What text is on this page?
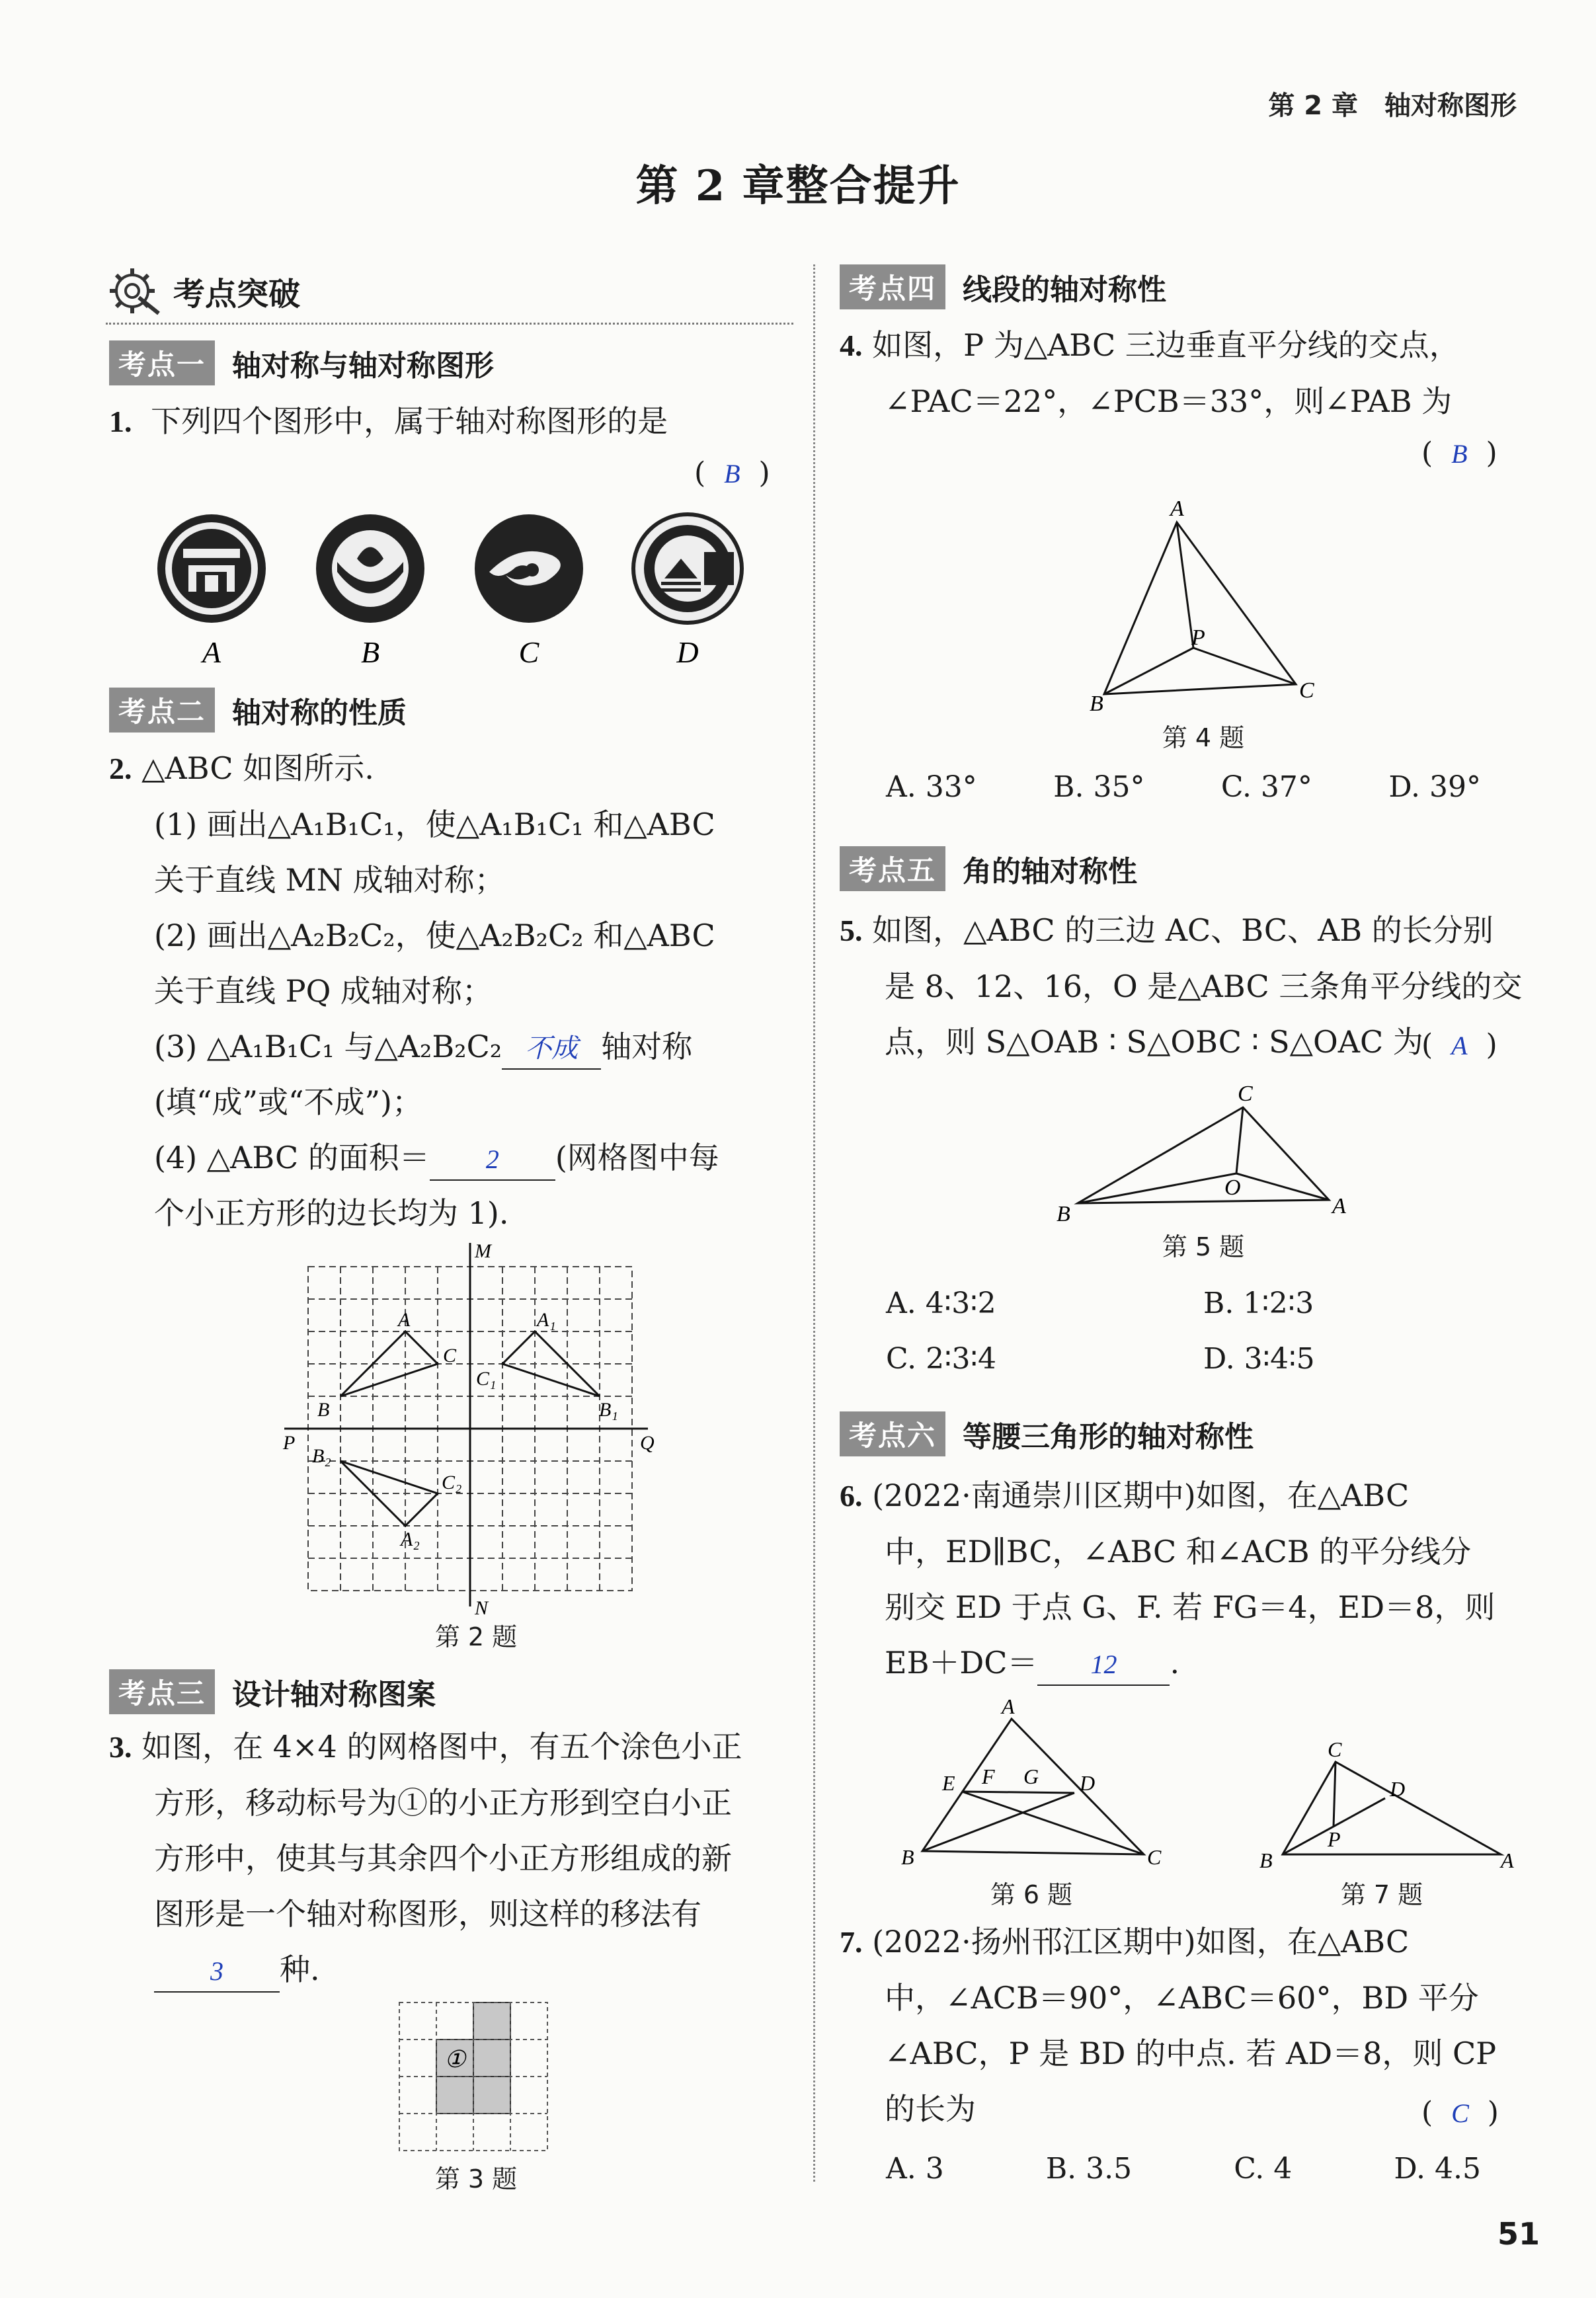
第 2 章 轴对称图形
第 2 章整合提升
考点突破
考点一 轴对称与轴对称图形
1. 下列四个图形中，属于轴对称图形的是
(  B  )
A	B	C	D
考点二 轴对称的性质
2. △ABC 如图所示.
(1) 画出△A₁B₁C₁，使△A₁B₁C₁ 和△ABC
关于直线 MN 成轴对称；
(2) 画出△A₂B₂C₂，使△A₂B₂C₂ 和△ABC
关于直线 PQ 成轴对称；
(3) △A₁B₁C₁ 与△A₂B₂C₂ 不成 轴对称
(填“成”或“不成”)；
(4) △ABC 的面积＝ 2 (网格图中每
个小正方形的边长均为 1).
M
N
P	Q
A
B
C
A₁
B₁
C₁
A₂
B₂
C₂
第 2 题
考点三 设计轴对称图案
3. 如图，在 4×4 的网格图中，有五个涂色小正
方形，移动标号为①的小正方形到空白小正
方形中，使其与其余四个小正方形组成的新
图形是一个轴对称图形，则这样的移法有
3 种.
①
第 3 题
考点四 线段的轴对称性
4. 如图，P 为△ABC 三边垂直平分线的交点，
∠PAC＝22°，∠PCB＝33°，则∠PAB 为
(  B  )
A
B
C
P
第 4 题
A. 33°	B. 35°	C. 37°	D. 39°
考点五 角的轴对称性
5. 如图，△ABC 的三边 AC、BC、AB 的长分别
是 8、12、16，O 是△ABC 三条角平分线的交
点，则 S△OAB ∶ S△OBC ∶ S△OAC 为
(  A  )
C
B	A
O
第 5 题
A. 4∶3∶2	B. 1∶2∶3
C. 2∶3∶4	D. 3∶4∶5
考点六 等腰三角形的轴对称性
6. (2022·南通崇川区期中)如图，在△ABC
中，ED∥BC，∠ABC 和∠ACB 的平分线分
别交 ED 于点 G、F. 若 FG＝4，ED＝8，则
EB＋DC＝ 12 .
A
B	C
D
E F G
第 6 题
C
B	A
D
P
第 7 题
7. (2022·扬州邗江区期中)如图，在△ABC
中，∠ACB＝90°，∠ABC＝60°，BD 平分
∠ABC，P 是 BD 的中点. 若 AD＝8，则 CP
的长为	(  C  )
A. 3	B. 3.5	C. 4	D. 4.5
51
